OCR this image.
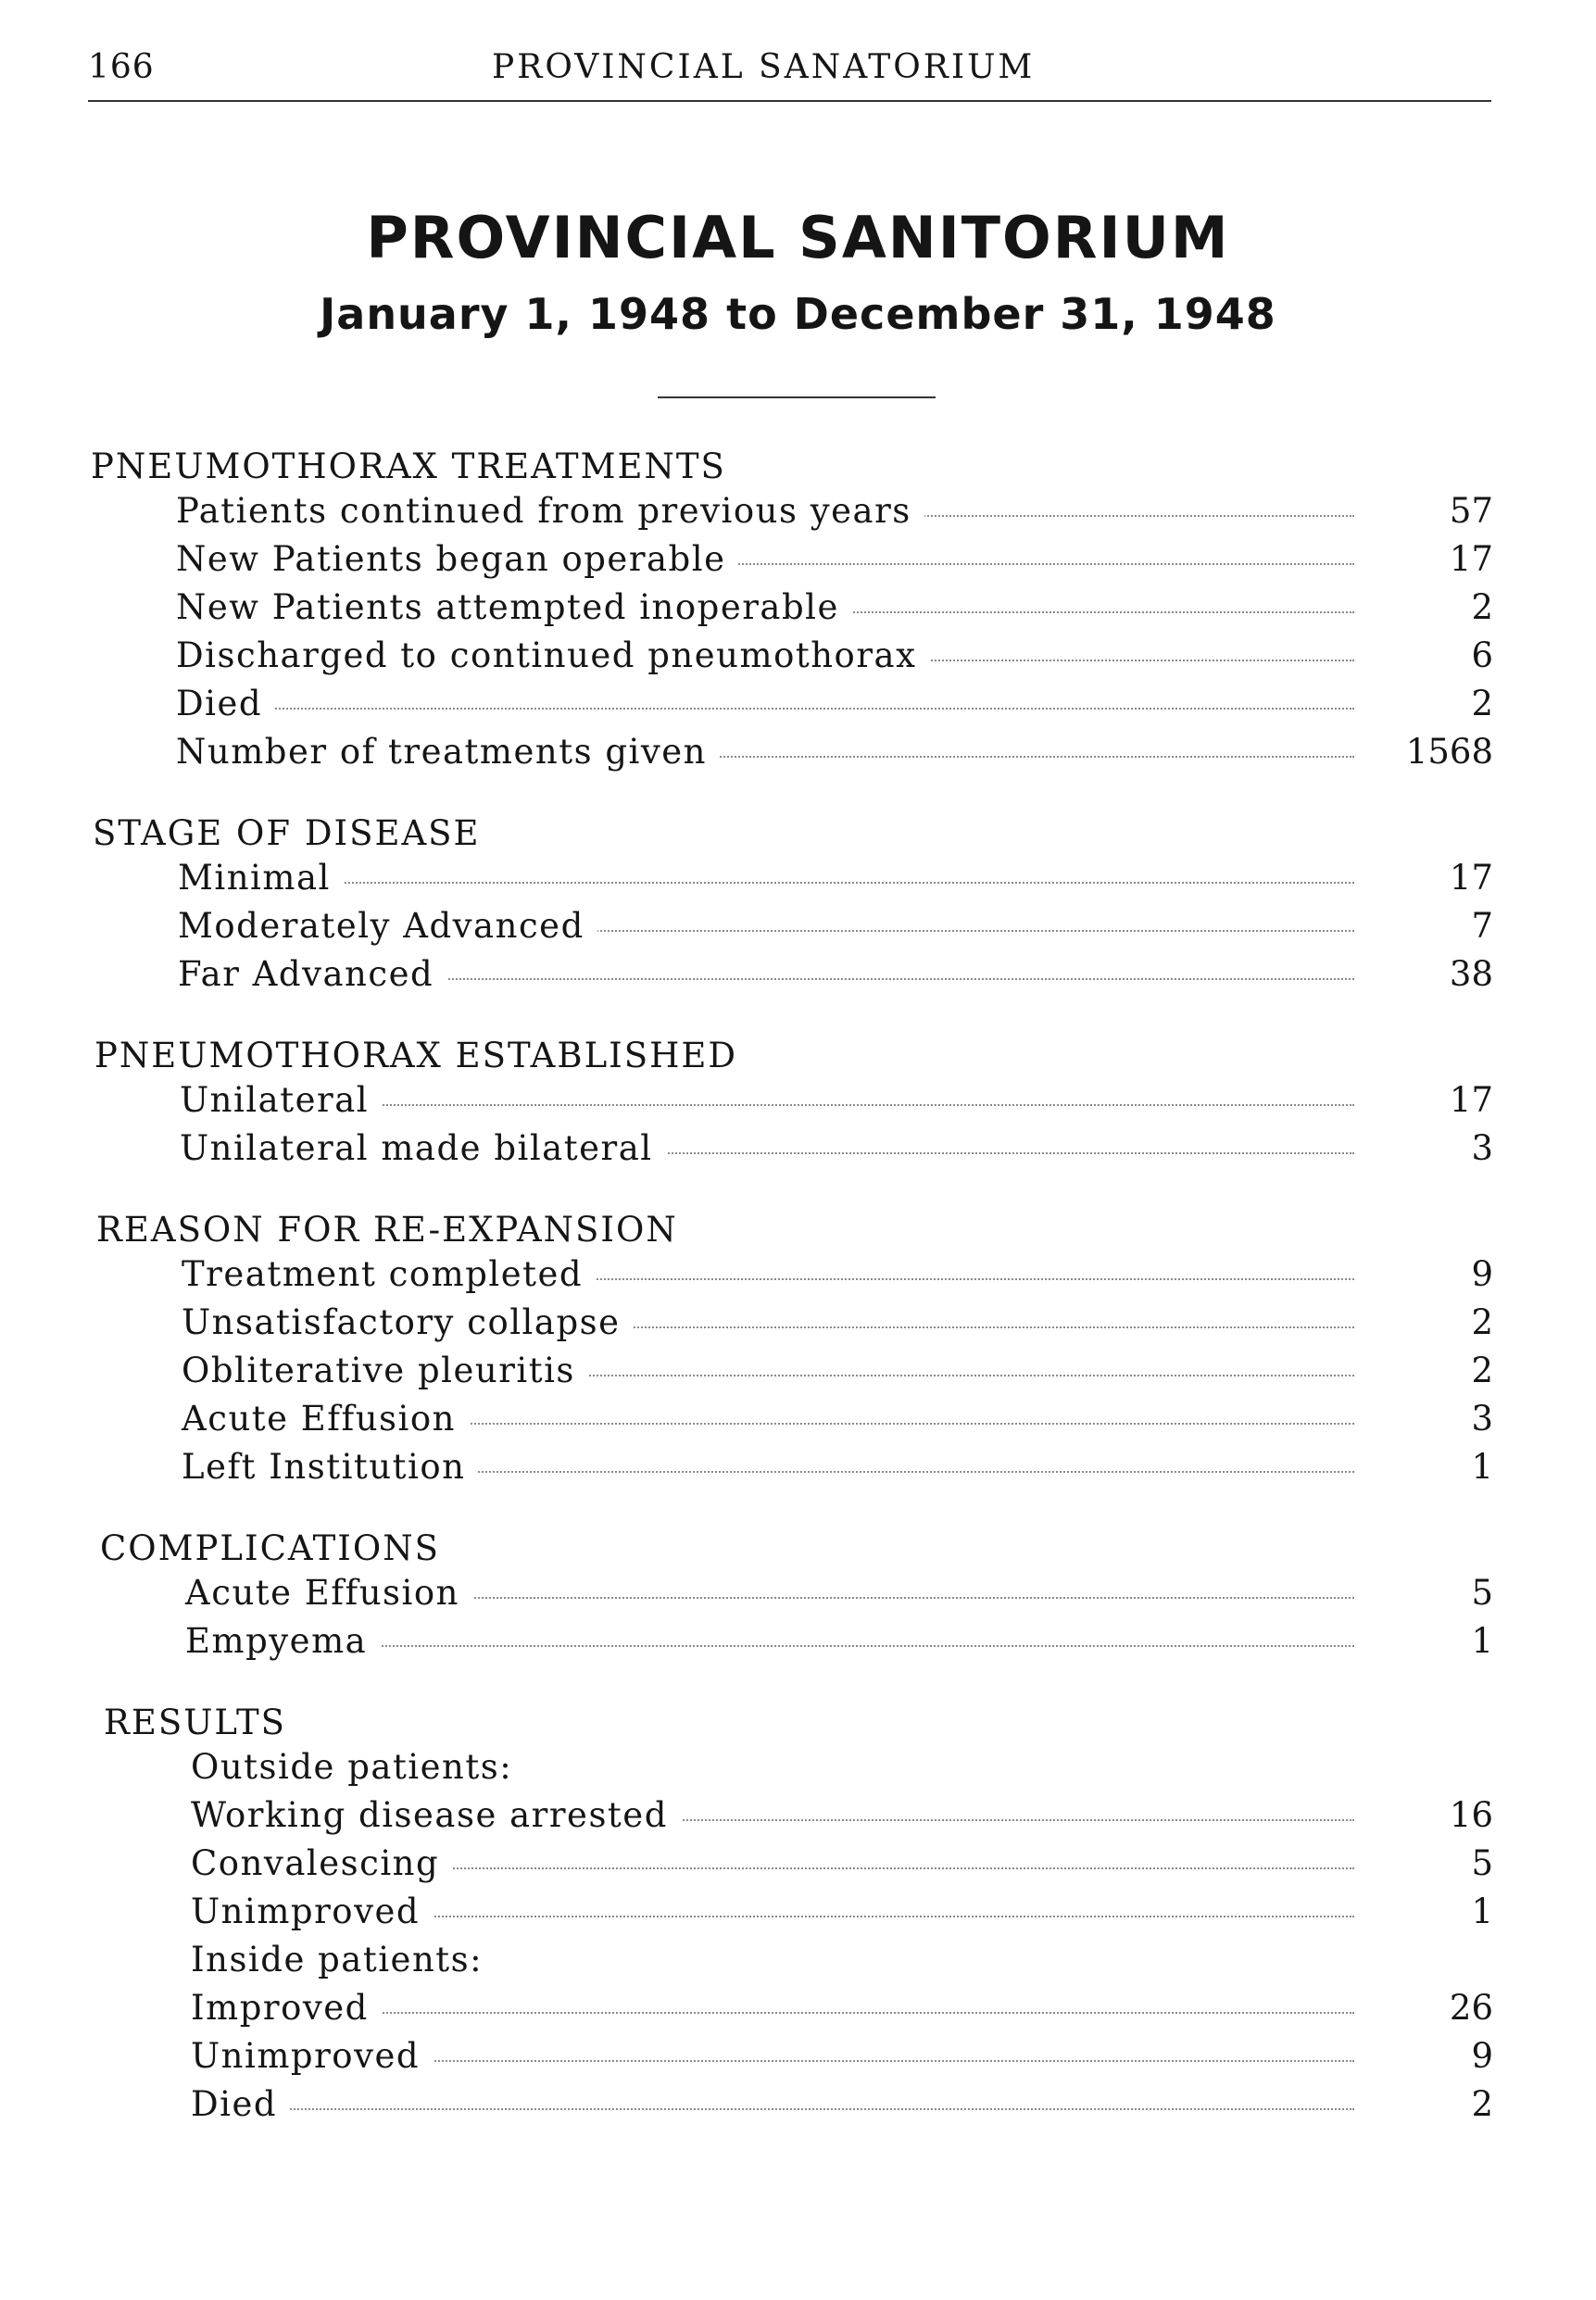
166	PROVINCIAL SANATORIUM
PROVINCIAL SANITORIUM
January 1, 1948 to December 31, 1948
PNEUMOTHORAX TREATMENTS
Patients continued from previous years	57
New Patients began operable	17
New Patients attempted inoperable	2
Discharged to continued pneumothorax	6
Died	2
Number of treatments given	1568
STAGE OF DISEASE
Minimal	17
Moderately Advanced	7
Far Advanced	38
PNEUMOTHORAX ESTABLISHED
Unilateral	17
Unilateral made bilateral	3
REASON FOR RE-EXPANSION
Treatment completed	9
Unsatisfactory collapse	2
Obliterative pleuritis	2
Acute Effusion	3
Left Institution	1
COMPLICATIONS
Acute Effusion	5
Empyema	1
RESULTS
Outside patients:
Working disease arrested	16
Convalescing	5
Unimproved	1
Inside patients:
Improved	26
Unimproved	9
Died	2
